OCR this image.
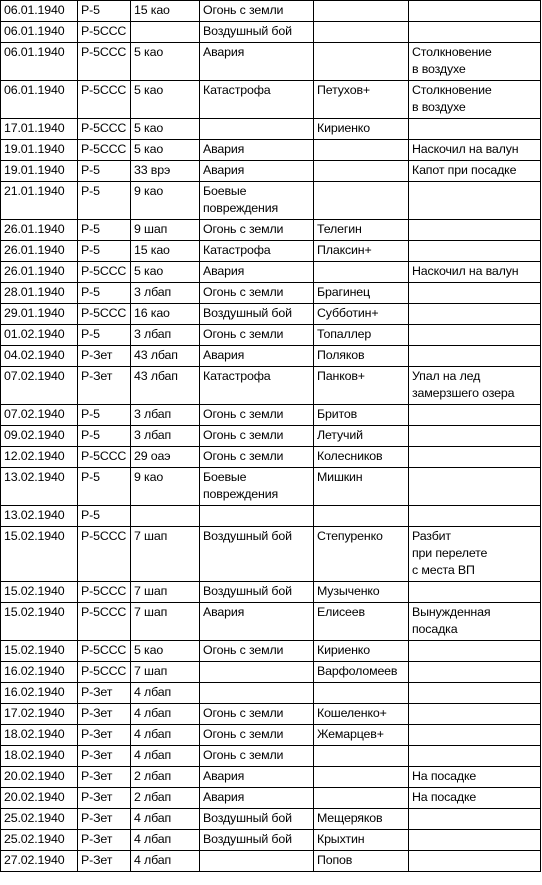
06.01.1940	Р-5	15 као	Огонь с земли		
06.01.1940	Р-5ССС		Воздушный бой		
06.01.1940	Р-5ССС	5 као	Авария		Столкновение
в воздухе
06.01.1940	Р-5ССС	5 као	Катастрофа	Петухов+	Столкновение
в воздухе
17.01.1940	Р-5ССС	5 као		Кириенко	
19.01.1940	Р-5ССС	5 као	Авария		Наскочил на валун
19.01.1940	Р-5	33 врэ	Авария		Капот при посадке
21.01.1940	Р-5	9 као	Боевые
повреждения		
26.01.1940	Р-5	9 шап	Огонь с земли	Телегин	
26.01.1940	Р-5	15 као	Катастрофа	Плаксин+	
26.01.1940	Р-5ССС	5 као	Авария		Наскочил на валун
28.01.1940	Р-5	3 лбап	Огонь с земли	Брагинец	
29.01.1940	Р-5ССС	16 као	Воздушный бой	Субботин+	
01.02.1940	Р-5	3 лбап	Огонь с земли	Топаллер	
04.02.1940	Р-Зет	43 лбап	Авария	Поляков	
07.02.1940	Р-Зет	43 лбап	Катастрофа	Панков+	Упал на лед
замерзшего озера
07.02.1940	Р-5	3 лбап	Огонь с земли	Бритов	
09.02.1940	Р-5	3 лбап	Огонь с земли	Летучий	
12.02.1940	Р-5ССС	29 оаэ	Огонь с земли	Колесников	
13.02.1940	Р-5	9 као	Боевые
повреждения	Мишкин	
13.02.1940	Р-5				
15.02.1940	Р-5ССС	7 шап	Воздушный бой	Степуренко	Разбит
при перелете
с места ВП
15.02.1940	Р-5ССС	7 шап	Воздушный бой	Музыченко	
15.02.1940	Р-5ССС	7 шап	Авария	Елисеев	Вынужденная
посадка
15.02.1940	Р-5ССС	5 као	Огонь с земли	Кириенко	
16.02.1940	Р-5ССС	7 шап		Варфоломеев	
16.02.1940	Р-Зет	4 лбап			
17.02.1940	Р-Зет	4 лбап	Огонь с земли	Кошеленко+	
18.02.1940	Р-Зет	4 лбап	Огонь с земли	Жемарцев+	
18.02.1940	Р-Зет	4 лбап	Огонь с земли		
20.02.1940	Р-Зет	2 лбап	Авария		На посадке
20.02.1940	Р-Зет	2 лбап	Авария		На посадке
25.02.1940	Р-Зет	4 лбап	Воздушный бой	Мещеряков	
25.02.1940	Р-Зет	4 лбап	Воздушный бой	Крыхтин	
27.02.1940	Р-Зет	4 лбап		Попов	
